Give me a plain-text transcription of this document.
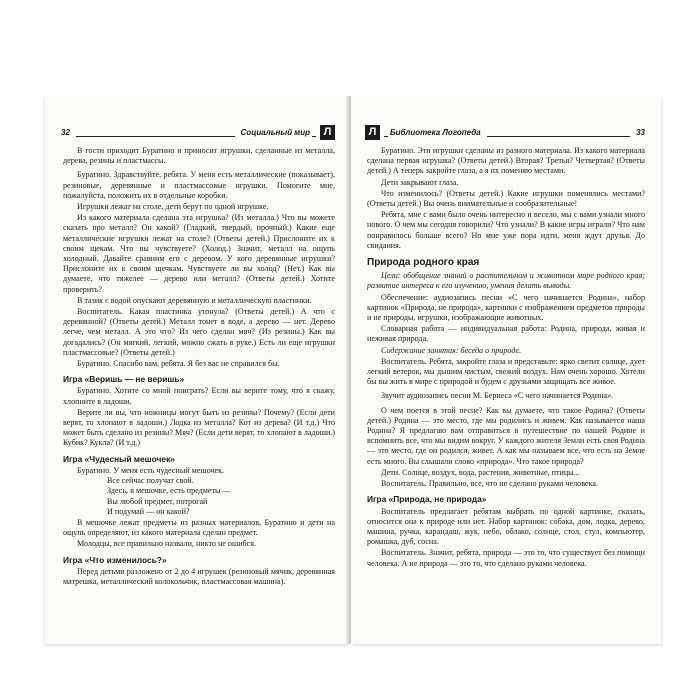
32	Социальный мир	Л

В гости приходит Буратино и приносит игрушки, сделанные из металла, дерева, резины и пластмассы.

Буратино. Здравствуйте, ребята. У меня есть металлические (показывает), резиновые, деревянные и пластмассовые игрушки. Помогите мне, пожалуйста, положить их в отдельные коробки.

Игрушки лежат на столе, дети берут по одной игрушке.

Из какого материала сделана эта игрушка? (Из металла.) Что вы можете сказать про металл? Он какой? (Гладкий, твердый, прочный.) Какие еще металлические игрушки лежат на столе? (Ответы детей.) Прислоните их к своим щекам. Что вы чувствуете? (Холод.) Значит, металл на ощупь холодный. Давайте сравним его с деревом. У кого деревянные игрушки? Прислоните их к своим щечкам. Чувствуете ли вы холод? (Нет.) Как вы думаете, что тяжелее — дерево или металл? (Ответы детей.) Хотите проверить?

В тазик с водой опускают деревянную и металлическую пластинки.

Воспитатель. Какая пластинка утонула? (Ответы детей.) А что с деревянной? (Ответы детей.) Металл тонет в воде, а дерево — нет. Дерево легче, чем металл. А это что? Из чего сделан мяч? (Из резины.) Как вы догадались? (Он мягкий, легкий, можно сжать в руке.) Есть ли еще игрушки пластмассовые? (Ответы детей.)

Буратино. Спасибо вам, ребята. Я без вас не справился бы.

Игра «Веришь — не веришь»

Буратино. Хотите со мной поиграть? Если вы верите тому, что я скажу, хлопните в ладоши.

Верите ли вы, что ножницы могут быть из резины? Почему? (Если дети верят, то хлопают в ладоши.) Лодка из металла? Кот из дерева? (И т.д.) Что может быть сделано из резины? Мяч? (Если дети верят, то хлопают в ладоши.) Кубик? Кукла? (И т.д.)

Игра «Чудесный мешочек»
Буратино. У меня есть чудесный мешочек.
Все сейчас получат свой.
Здесь, в мешочке, есть предметы —
Вы любой предмет, потрогай
И подумай — он какой?

В мешочке лежат предметы из разных материалов, Буратино и дети на ощупь определяют, из какого материала сделан предмет.

Молодцы, все правильно назвали, никто не ошибся.

Игра «Что изменилось?»

Перед детьми разложено от 2 до 4 игрушек (резиновый мячик, деревянная матрешка, металлический колокольчик, пластмассовая машина).

Л	Библиотека Логопеда	33

Буратино. Эти игрушки сделаны из разного материала. Из какого материала сделана первая игрушка? (Ответы детей.) Вторая? Третья? Четвертая? (Ответы детей.) А теперь закройте глаза, а я их поменяю местами.

Дети закрывают глаза.

Что изменилось? (Ответы детей.) Какие игрушки поменялись местами? (Ответы детей.) Вы очень внимательные и сообразительные!

Ребята, мне с вами было очень интересно и весело, мы с вами узнали много нового. О чем мы сегодня говорили? Что узнали? В какие игры играли? Что нам понравилось больше всего? Но мне уже пора идти, меня ждут друзья. До свидания.

Природа родного края

Цели: обобщение знаний о растительном и животном мире родного края; развитие интереса к его изучению, умения делать выводы.

Обеспечение: аудиозапись песни «С чего начинается Родина», набор картинок «Природа, не природа», картинки с изображением предметов природы и не природы, игрушки, изображающие животных.

Словарная работа — индивидуальная работа: Родина, природа, живая и неживая природа.

Содержание занятия: беседа о природе.

Воспитатель. Ребята, закройте глаза и представьте: ярко светит солнце, дует легкий ветерок, мы дышим чистым, свежий воздух. Нам очень хорошо. Хотели бы вы жить в мире с природой и будем с друзьями защищать все живое.

Звучит аудиозапись песни М. Бернеса «С чего начинается Родина».

О чем поется в этой песне? Как вы думаете, что такое Родина? (Ответы детей.) Родина — это место, где мы родились и живем. Как называется наша Родина? Я предлагаю вам отправиться в путешествие по нашей Родине и вспомнить все, что мы видим вокруг. У каждого жителя Земли есть своя Родина — это место, где он родился, живет. А как мы называем все, что есть на Земле есть много. Вы слышали слово «природа». Что такое природа?

Дети. Солнце, воздух, вода, растения, животные, птицы...

Воспитатель. Правильно, все, что не сделано руками человека.

Игра «Природа, не природа»

Воспитатель предлагает ребятам выбрать по одной картинке, сказать, относится она к природе или нет. Набор картинок: собака, дом, лодка, дерево, машина, ручка, карандаш, жук, небо, облако, солнце, стол, стул, компьютер, ромашка, дуб, сосна.

Воспитатель. Значит, ребята, природа — это то, что существует без помощи человека. А не природа — это то, что сделано руками человека.
